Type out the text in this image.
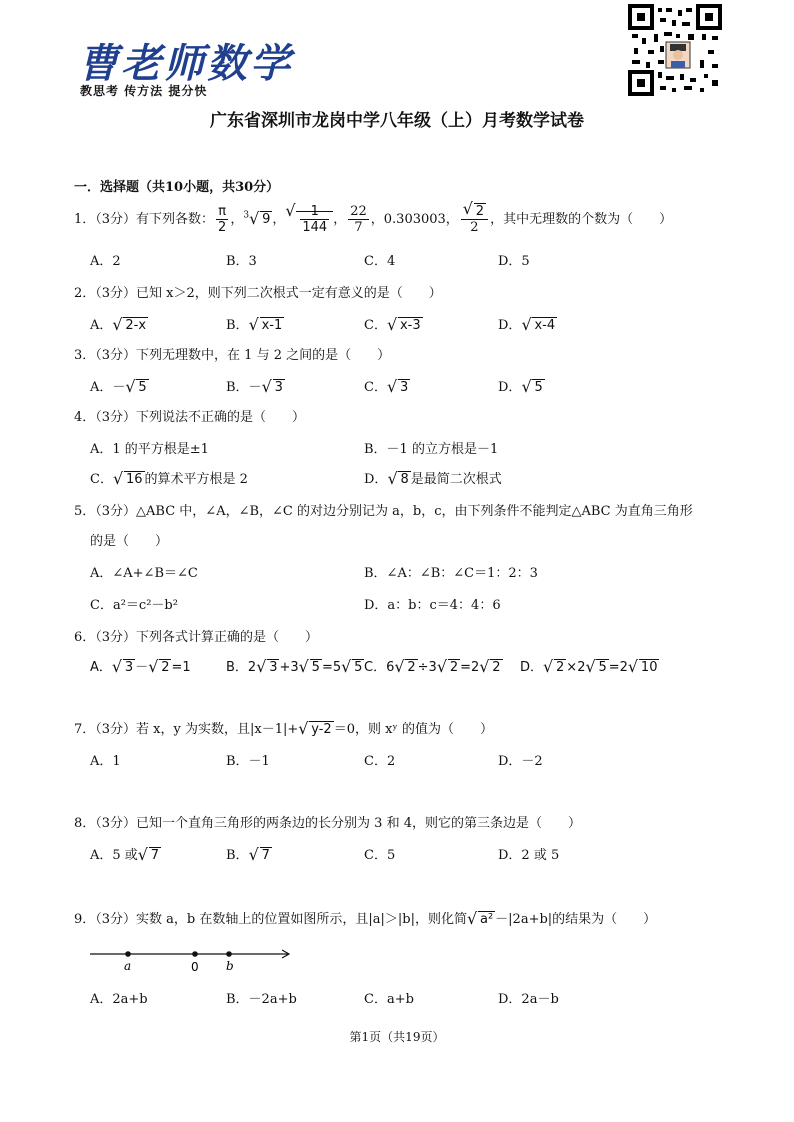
曹老师数学
教思考 传方法 提分快
广东省深圳市龙岗中学八年级（上）月考数学试卷
一．选择题（共10小题，共30分）
1．（3分）有下列各数： $\frac{\pi}{2}$ ，$^3$ √ 9 ， √ $\frac{1}{144}$ ， $\frac{22}{7}$ ，0.303003， √ $\frac{2}{2}$ ，其中无理数的个数为（　　）
A．2	B．3	C．4	D．5
2．（3分）已知 x＞2，则下列二次根式一定有意义的是（　　）
A． √ 2-x	B． √ x-1	C． √ x-3	D． √ x-4
3．（3分）下列无理数中，在 1 与 2 之间的是（　　）
A．－ √ 5	B．－ √ 3	C． √ 3	D． √ 5
4．（3分）下列说法不正确的是（　　）
A．1 的平方根是±1	B．－1 的立方根是－1
C． √ 16 的算术平方根是 2	D． √ 8 是最简二次根式
5．（3分）△ABC 中，∠A，∠B，∠C 的对边分别记为 a，b，c，由下列条件不能判定△ABC 为直角三角形
的是（　　）
A．∠A+∠B＝∠C	B．∠A：∠B：∠C＝1：2：3
C．a²＝c²－b²	D．a：b：c＝4：4：6
6．（3分）下列各式计算正确的是（　　）
A． √ 3 － √ 2 =1	B．2 √ 3 +3 √ 5 =5 √ 5 C．6 √ 2 ÷3 √ 2 =2 √ 2 D． √ 2 ×2 √ 5 =2 √ 10
7．（3分）若 x，y 为实数，且|x－1|+ √ y-2 ＝0，则 xʸ 的值为（　　）
A．1	B．－1	C．2	D．－2
8．（3分）已知一个直角三角形的两条边的长分别为 3 和 4，则它的第三条边是（　　）
A．5 或 √ 7	B． √ 7	C．5	D．2 或 5
9．（3分）实数 a，b 在数轴上的位置如图所示，且|a|＞|b|，则化简 √ a² －|2a+b|的结果为（　　）
a	0 b
A．2a+b	B．－2a+b	C．a+b	D．2a－b
第1页（共19页）
